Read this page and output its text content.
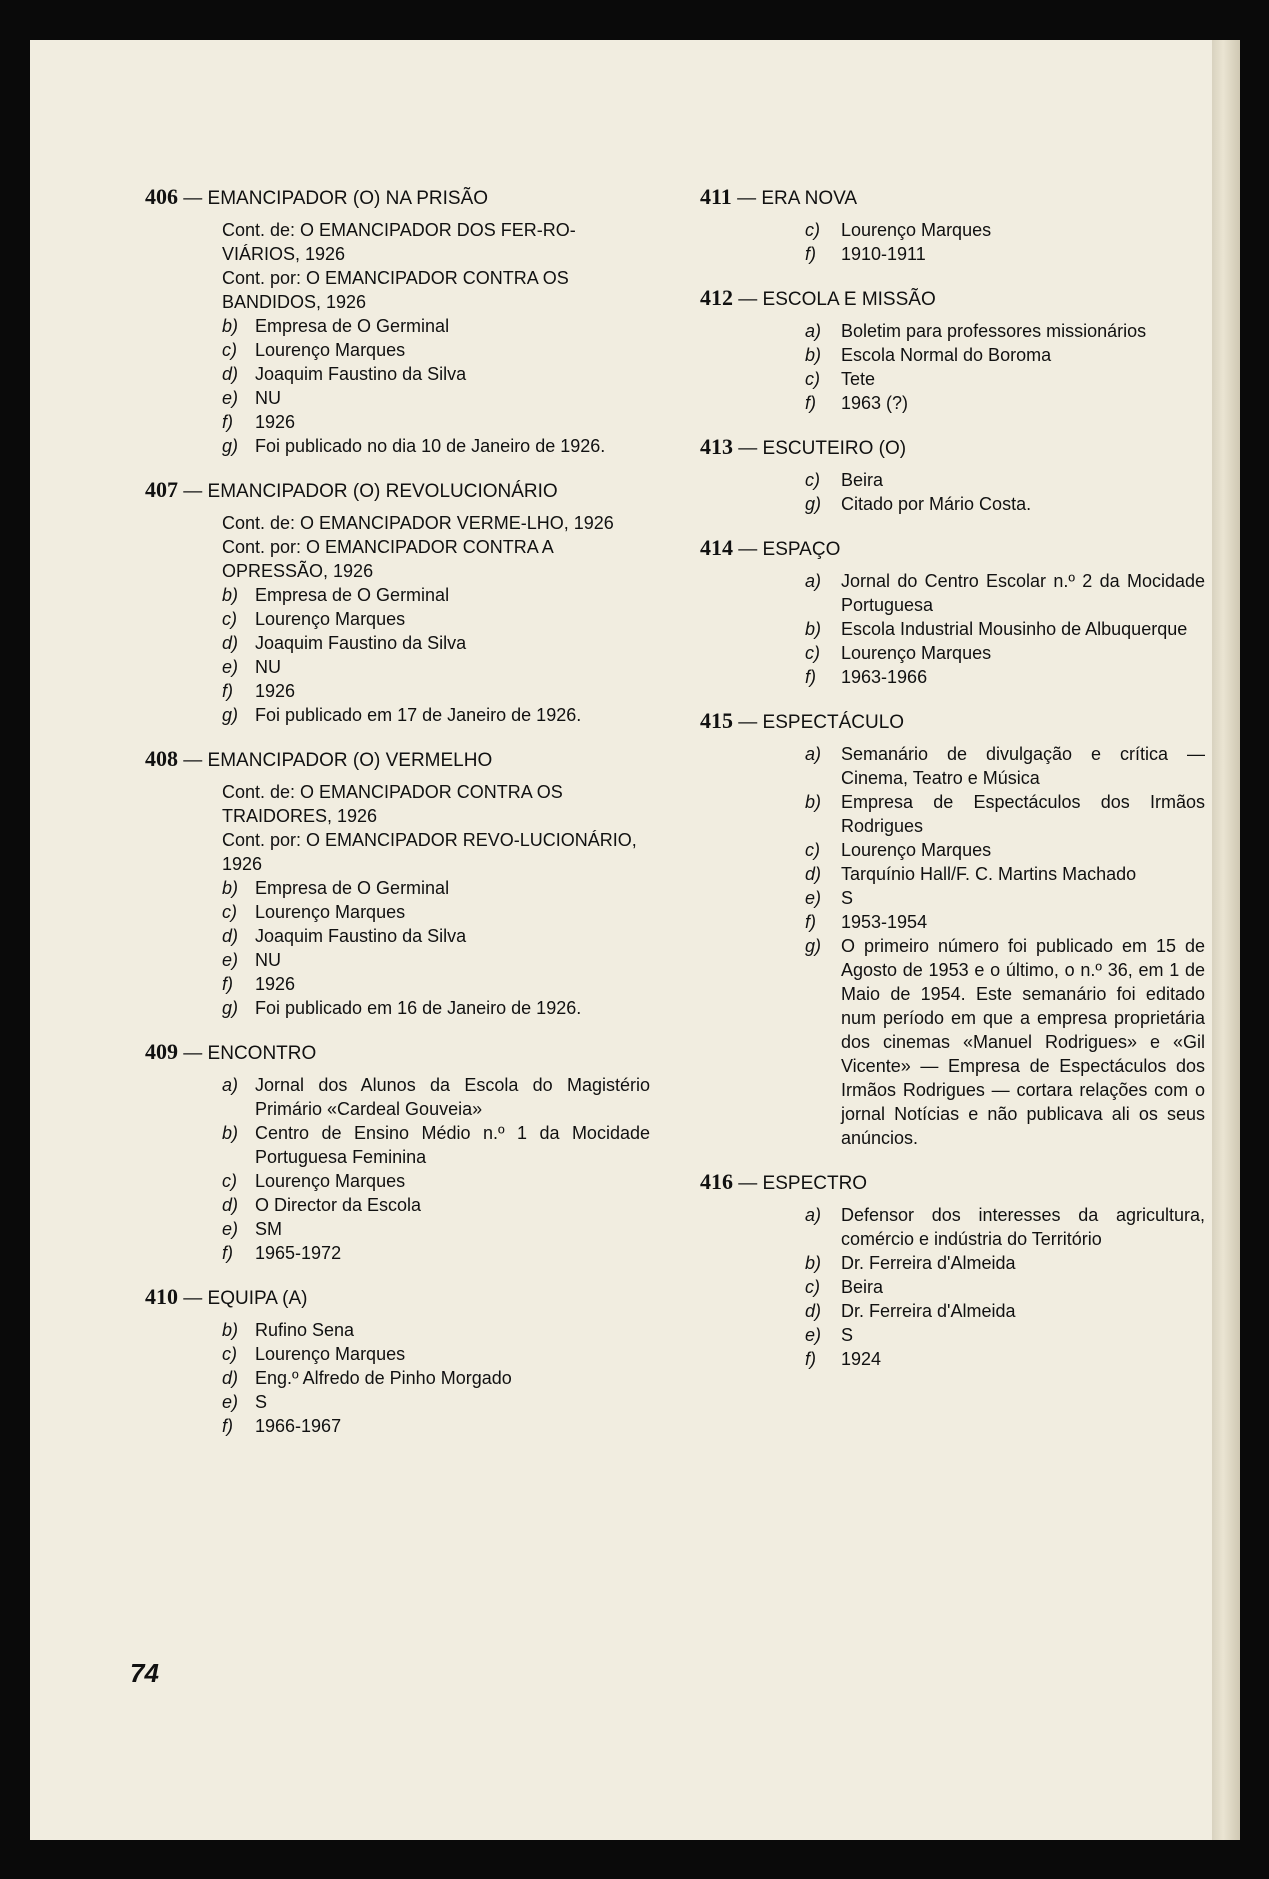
406 — EMANCIPADOR (O) NA PRISÃO
Cont. de: O EMANCIPADOR DOS FER-RO-VIÁRIOS, 1926
Cont. por: O EMANCIPADOR CONTRA OS BANDIDOS, 1926
b) Empresa de O Germinal
c)	Lourenço Marques
d) Joaquim Faustino da Silva
e) NU
f)	1926
g) Foi publicado no dia 10 de Janeiro de 1926.
407 — EMANCIPADOR (O) REVOLUCIONÁRIO
Cont. de: O EMANCIPADOR VERME-LHO, 1926
Cont. por: O EMANCIPADOR CONTRA A OPRESSÃO, 1926
b) Empresa de O Germinal
c)	Lourenço Marques
d) Joaquim Faustino da Silva
e) NU
f)	1926
g) Foi publicado em 17 de Janeiro de 1926.
408 — EMANCIPADOR (O) VERMELHO
Cont. de: O EMANCIPADOR CONTRA OS TRAIDORES, 1926
Cont. por: O EMANCIPADOR REVO-LUCIONÁRIO, 1926
b) Empresa de O Germinal
c)	Lourenço Marques
d) Joaquim Faustino da Silva
e) NU
f)	1926
g) Foi publicado em 16 de Janeiro de 1926.
409 — ENCONTRO
a) Jornal dos Alunos da Escola do Magistério Primário «Cardeal Gouveia»
b) Centro de Ensino Médio n.º 1 da Mocidade Portuguesa Feminina
c)	Lourenço Marques
d) O Director da Escola
e) SM
f)	1965-1972
410 — EQUIPA (A)
b) Rufino Sena
c)	Lourenço Marques
d) Eng.º Alfredo de Pinho Morgado
e) S
f)	1966-1967
411 — ERA NOVA
c)	Lourenço Marques
f)	1910-1911
412 — ESCOLA E MISSÃO
a)	Boletim para professores missionários
b)	Escola Normal do Boroma
c)	Tete
f)	1963 (?)
413 — ESCUTEIRO (O)
c)	Beira
g)	Citado por Mário Costa.
414 — ESPAÇO
a)	Jornal do Centro Escolar n.º 2 da Mocidade Portuguesa
b)	Escola Industrial Mousinho de Albuquerque
c)	Lourenço Marques
f)	1963-1966
415 — ESPECTÁCULO
a)	Semanário de divulgação e crítica — Cinema, Teatro e Música
b)	Empresa de Espectáculos dos Irmãos Rodrigues
c)	Lourenço Marques
d)	Tarquínio Hall/F. C. Martins Machado
e)	S
f)	1953-1954
g)	O primeiro número foi publicado em 15 de Agosto de 1953 e o último, o n.º 36, em 1 de Maio de 1954. Este semanário foi editado num período em que a empresa proprietária dos cinemas «Manuel Rodrigues» e «Gil Vicente» — Empresa de Espectáculos dos Irmãos Rodrigues — cortara relações com o jornal Notícias e não publicava ali os seus anúncios.
416 — ESPECTRO
a)	Defensor dos interesses da agricultura, comércio e indústria do Território
b)	Dr. Ferreira d'Almeida
c)	Beira
d)	Dr. Ferreira d'Almeida
e)	S
f)	1924
74
